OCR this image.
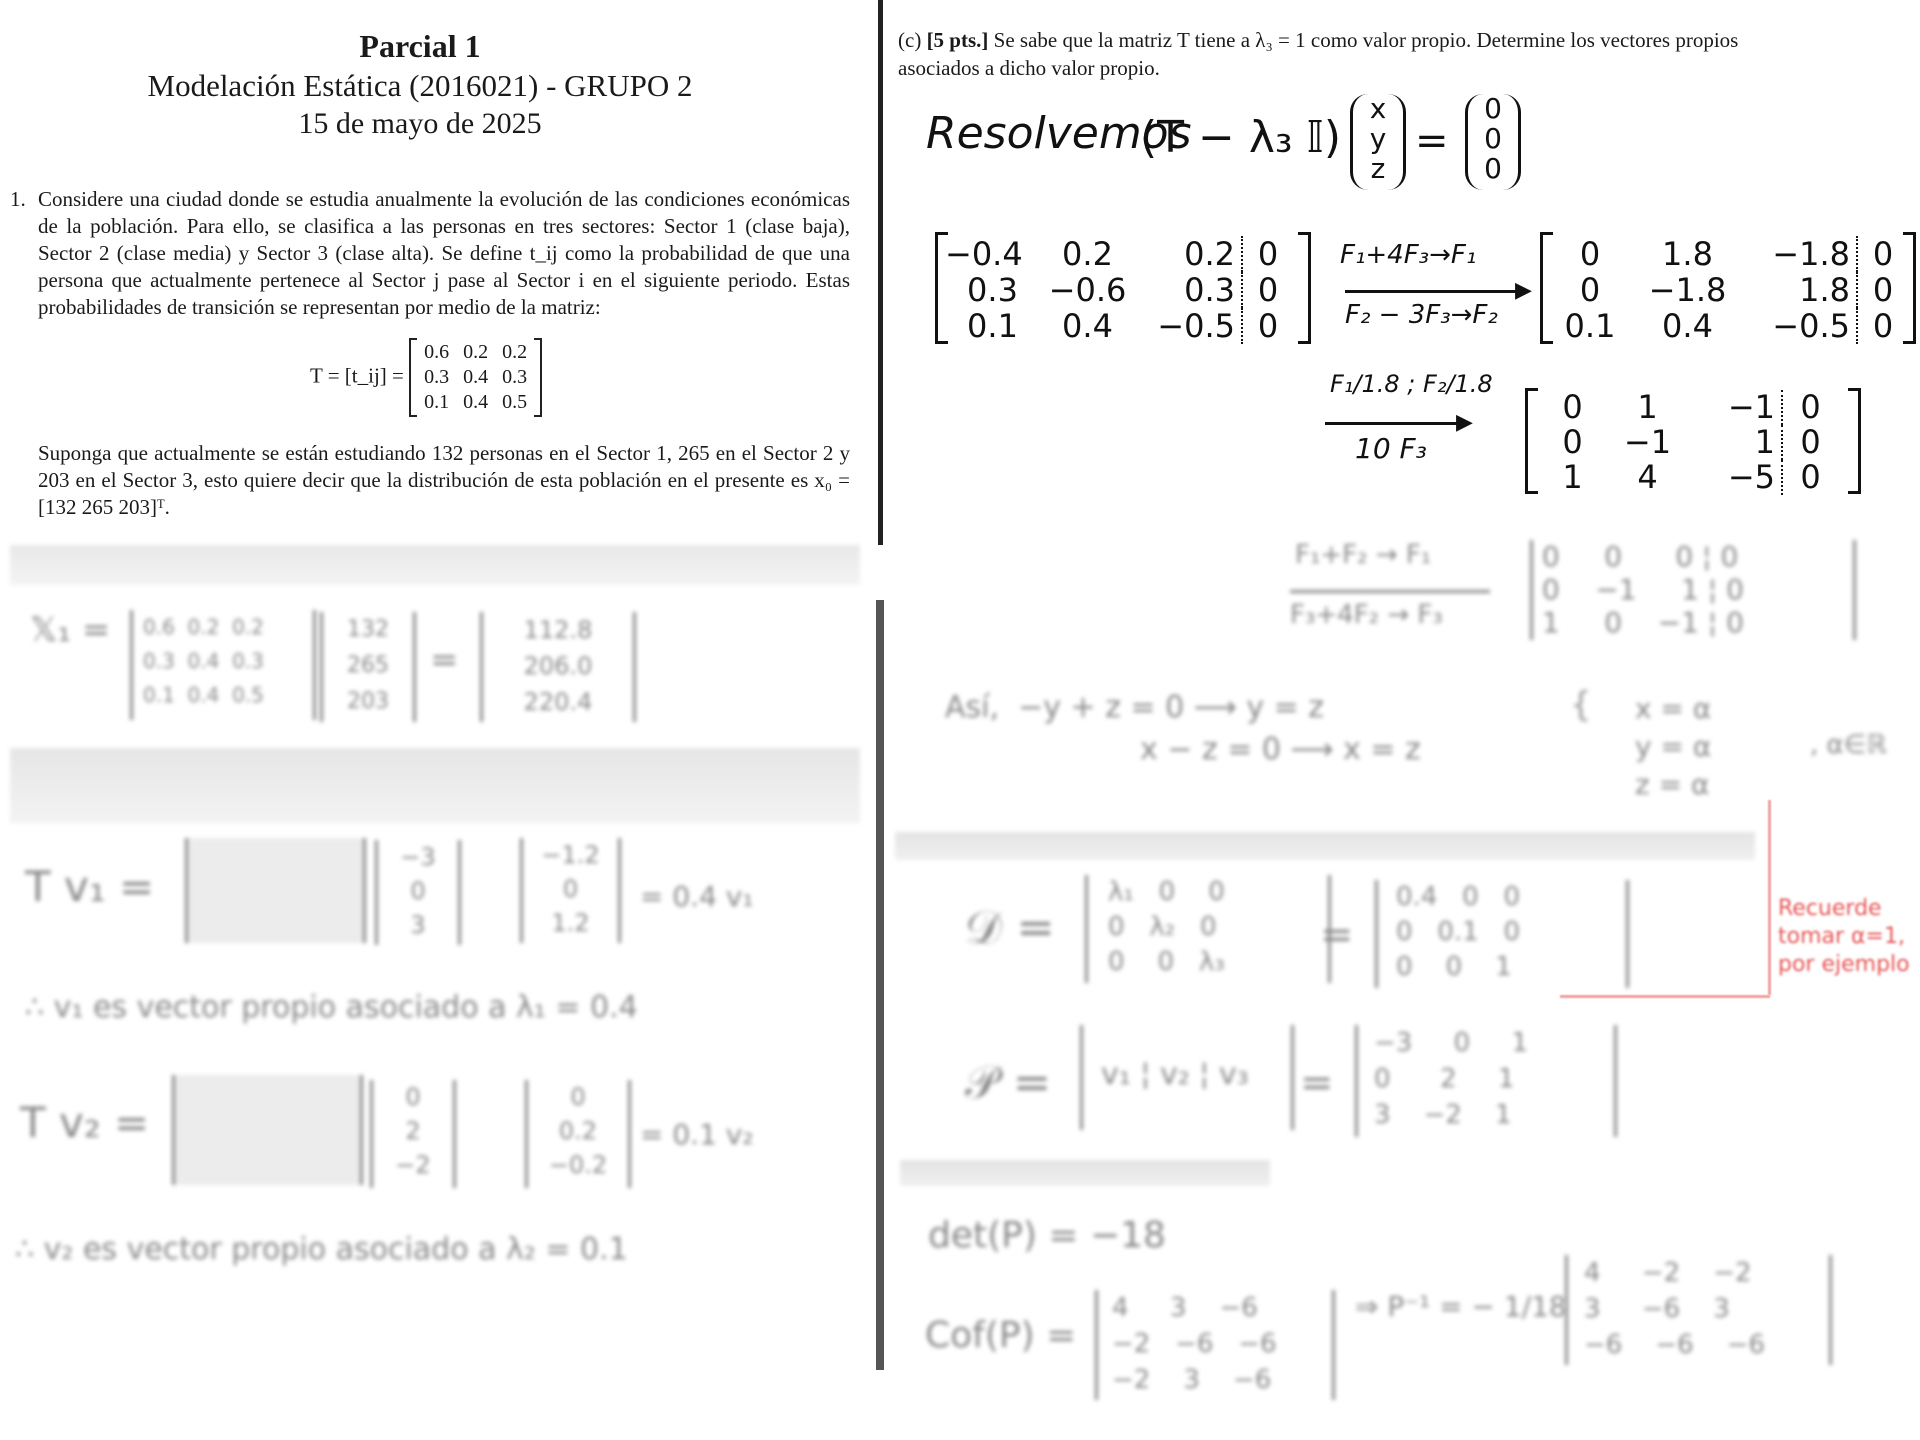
Parcial 1
Modelación Estática (2016021) - GRUPO 2
15 de mayo de 2025
1. Considere una ciudad donde se estudia anualmente la evolución de las condiciones económicas de la población. Para ello, se clasifica a las personas en tres sectores: Sector 1 (clase baja), Sector 2 (clase media) y Sector 3 (clase alta). Se define t_ij como la probabilidad de que una persona que actualmente pertenece al Sector j pase al Sector i en el siguiente periodo. Estas probabilidades de transición se representan por medio de la matriz:
T = [t_ij] =
0.6	0.2	0.2
0.3	0.4	0.3
0.1	0.4	0.5
Suponga que actualmente se están estudiando 132 personas en el Sector 1, 265 en el Sector 2 y 203 en el Sector 3, esto quiere decir que la distribución de esta población en el presente es x₀ = [132 265 203]ᵀ.
𝕏₁ =	0.6 0.2 0.2
0.3 0.4 0.3
0.1 0.4 0.5
132
265
203
=
112.8
206.0
220.4
T v₁ =
−3
0
3
−1.2
0
1.2
= 0.4 v₁
∴ v₁ es vector propio asociado a λ₁ = 0.4
T v₂ =
0
2
−2
0
0.2
−0.2
= 0.1 v₂
∴ v₂ es vector propio asociado a λ₂ = 0.1
(c) [5 pts.] Se sabe que la matriz T tiene a λ₃ = 1 como valor propio. Determine los vectores propios asociados a dicho valor propio.
Resolvemos
(T − λ₃ 𝕀)
x
y
z
=
0
0
0
−0.4	0.2	0.2 0
0.3 −0.6	0.3 0
0.1	0.4	−0.5 0
F₁+4F₃→F₁
▶
F₂ − 3F₃→F₂
0	1.8	−1.8 0
0	−1.8	1.8 0
0.1	0.4	−0.5 0
F₁/1.8 ; F₂/1.8
▶
10 F₃
0	1	−1 0
0	−1	1 0
1	4	−5 0
F₁+F₂ → F₁
F₃+4F₂ → F₃
0     0      0 ¦ 0
0    −1     1 ¦ 0
1     0    −1 ¦ 0
Así,  −y + z = 0 ⟶ y = z
x − z = 0 ⟶ x = z
{ x = α
y = α
z = α
, α∈ℝ
𝒟 =
λ₁   0    0
0   λ₂   0
0    0   λ₃
=
0.4 0 0
0 0.1 0
0 0 1
Recuerde
tomar α=1,
por ejemplo
𝒫 =	v₁ ¦ v₂ ¦ v₃	=
−3 0 1
0 2 1
3 −2 1
det(P) = −18
Cof(P) =
4     3    −6
−2   −6   −6
−2    3    −6
⇒ P⁻¹ = − 1/18
4     −2    −2
3     −6    3
−6    −6    −6
